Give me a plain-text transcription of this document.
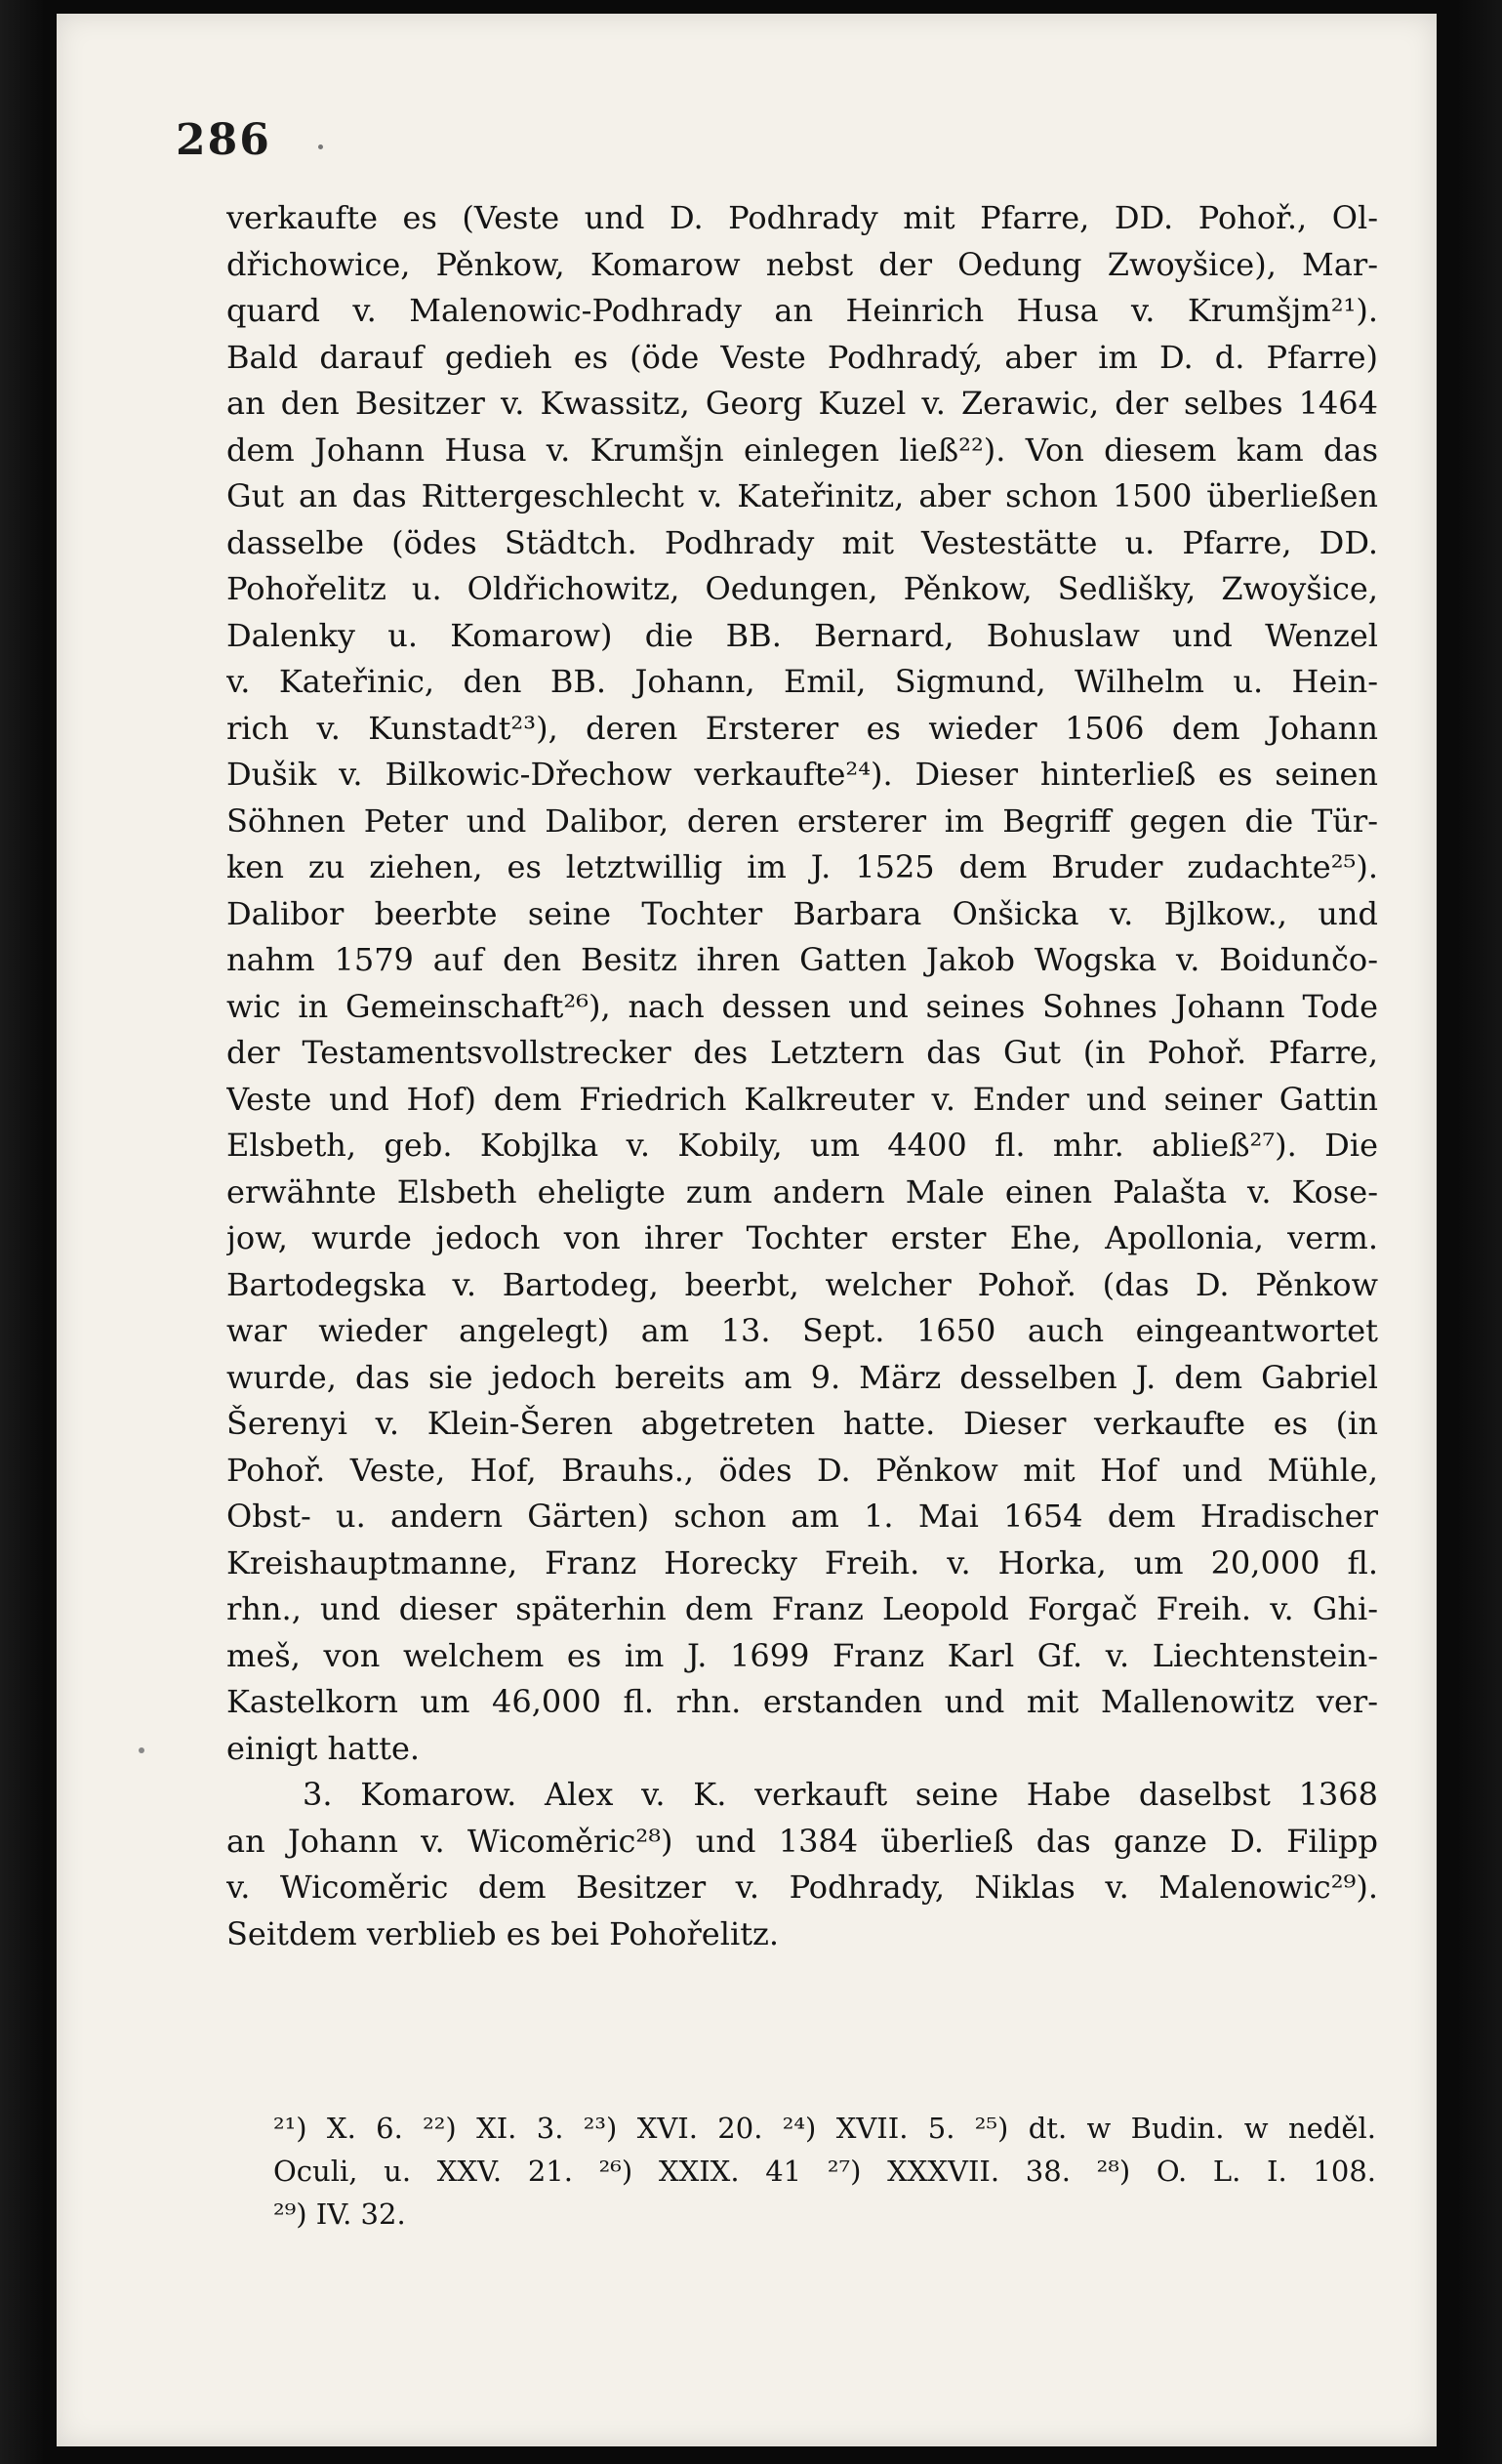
286
verkaufte es (Veste und D. Podhrady mit Pfarre, DD. Pohoř., Ol-
dřichowice, Pěnkow, Komarow nebst der Oedung Zwoyšice), Mar-
quard v. Malenowic-Podhrady an Heinrich Husa v. Krumšjm²¹).
Bald darauf gedieh es (öde Veste Podhradý, aber im D. d. Pfarre)
an den Besitzer v. Kwassitz, Georg Kuzel v. Zerawic, der selbes 1464
dem Johann Husa v. Krumšjn einlegen ließ²²). Von diesem kam das
Gut an das Rittergeschlecht v. Kateřinitz, aber schon 1500 überließen
dasselbe (ödes Städtch. Podhrady mit Vestestätte u. Pfarre, DD.
Pohořelitz u. Oldřichowitz, Oedungen, Pěnkow, Sedlišky, Zwoyšice,
Dalenky u. Komarow) die BB. Bernard, Bohuslaw und Wenzel
v. Kateřinic, den BB. Johann, Emil, Sigmund, Wilhelm u. Hein-
rich v. Kunstadt²³), deren Ersterer es wieder 1506 dem Johann
Dušik v. Bilkowic-Dřechow verkaufte²⁴). Dieser hinterließ es seinen
Söhnen Peter und Dalibor, deren ersterer im Begriff gegen die Tür-
ken zu ziehen, es letztwillig im J. 1525 dem Bruder zudachte²⁵).
Dalibor beerbte seine Tochter Barbara Onšicka v. Bjlkow., und
nahm 1579 auf den Besitz ihren Gatten Jakob Wogska v. Boidunčo-
wic in Gemeinschaft²⁶), nach dessen und seines Sohnes Johann Tode
der Testamentsvollstrecker des Letztern das Gut (in Pohoř. Pfarre,
Veste und Hof) dem Friedrich Kalkreuter v. Ender und seiner Gattin
Elsbeth, geb. Kobjlka v. Kobily, um 4400 fl. mhr. abließ²⁷). Die
erwähnte Elsbeth eheligte zum andern Male einen Palašta v. Kose-
jow, wurde jedoch von ihrer Tochter erster Ehe, Apollonia, verm.
Bartodegska v. Bartodeg, beerbt, welcher Pohoř. (das D. Pěnkow
war wieder angelegt) am 13. Sept. 1650 auch eingeantwortet
wurde, das sie jedoch bereits am 9. März desselben J. dem Gabriel
Šerenyi v. Klein-Šeren abgetreten hatte. Dieser verkaufte es (in
Pohoř. Veste, Hof, Brauhs., ödes D. Pěnkow mit Hof und Mühle,
Obst- u. andern Gärten) schon am 1. Mai 1654 dem Hradischer
Kreishauptmanne, Franz Horecky Freih. v. Horka, um 20,000 fl.
rhn., und dieser späterhin dem Franz Leopold Forgač Freih. v. Ghi-
meš, von welchem es im J. 1699 Franz Karl Gf. v. Liechtenstein-
Kastelkorn um 46,000 fl. rhn. erstanden und mit Mallenowitz ver-
einigt hatte.
3. Komarow. Alex v. K. verkauft seine Habe daselbst 1368
an Johann v. Wicoměric²⁸) und 1384 überließ das ganze D. Filipp
v. Wicoměric dem Besitzer v. Podhrady, Niklas v. Malenowic²⁹).
Seitdem verblieb es bei Pohořelitz.
²¹) X. 6. ²²) XI. 3. ²³) XVI. 20. ²⁴) XVII. 5. ²⁵) dt. w Budin. w neděl.
Oculi, u. XXV. 21. ²⁶) XXIX. 41 ²⁷) XXXVII. 38. ²⁸) O. L. I. 108.
²⁹) IV. 32.
